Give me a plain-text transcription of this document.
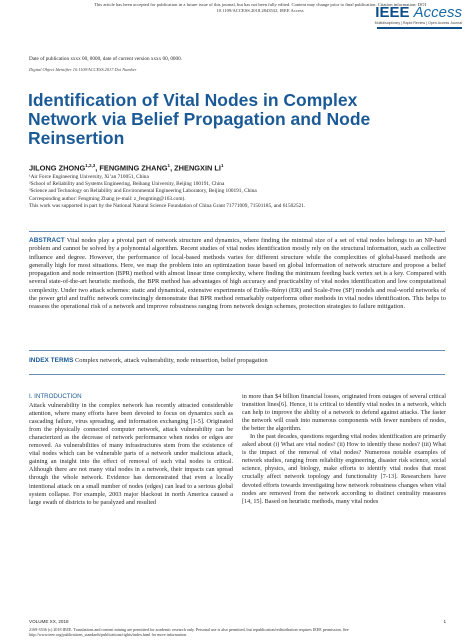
This article has been accepted for publication in a future issue of this journal, but has not been fully edited. Content may change prior to final publication. Citation information: DOI
10.1109/ACCESS.2018.2843532, IEEE Access	IEEE Access
Multidisciplinary | Rapid Review | Open Access Journal
Date of publication xxxx 00, 0000, date of current version xxxx 00, 0000.
Digital Object Identifier 10.1109/ACCESS.2017.Doi Number
Identification of Vital Nodes in Complex
Network via Belief Propagation and Node
Reinsertion
JILONG ZHONG$^{1,2,3}$, FENGMING ZHANG$^1$, ZHENGXIN $LI^1$
¹Air Force Engineering University, Xi’an 710051, China
²School of Reliability and Systems Engineering, Beihang University, Beijing 100191, China
³Science and Technology on Reliability and Environmental Engineering Laboratory, Beijing 100191, China
Corresponding author: Fengming Zhang (e-mail: z_fengming@163.com).
This work was supported in part by the National Natural Science Foundation of China Grant 71771009, 71501185, and 61502521.
ABSTRACT Vital nodes play a pivotal part of network structure and dynamics, where finding the minimal size of a set of vital nodes belongs to an NP-hard problem and cannot be solved by a polynomial algorithm. Recent studies of vital nodes identification mostly rely on the structural information, such as collective influence and degree. However, the performance of local-based methods varies for different structure while the complexities of global-based methods are generally high for most situations. Here, we map the problem into an optimization issue based on global information of network structure and propose a belief propagation and node reinsertion (BPR) method with almost linear time complexity, where finding the minimum feeding back vertex set is a key. Compared with several state-of-the-art heuristic methods, the BPR method has advantages of high accuracy and practicability of vital nodes identification and low computational complexity. Under two attack schemes: static and dynamical, extensive experiments of Erdős–Rényi (ER) and Scale-Free (SF) models and real-world networks of the power grid and traffic network convincingly demonstrate that BPR method remarkably outperforms other methods in vital nodes identification. This helps to reassess the operational risk of a network and improve robustness ranging from network design schemes, protection strategies to failure mitigation.
INDEX TERMS Complex network, attack vulnerability, node reinsertion, belief propagation
I. INTRODUCTION
Attack vulnerability in the complex network has recently attracted considerable attention, where many efforts have been devoted to focus on dynamics such as cascading failure, virus spreading, and information exchanging [1-5]. Originated from the physically connected computer network, attack vulnerability can be characterized as the decrease of network performance when nodes or edges are removed. As vulnerabilities of many infrastructures stem from the existence of vital nodes which can be vulnerable parts of a network under malicious attack, gaining an insight into the effect of removal of such vital nodes is critical. Although there are not many vital nodes in a network, their impacts can spread through the whole network. Evidence has demonstrated that even a locally intentional attack on a small number of nodes (edges) can lead to a serious global system collapse. For example, 2003 major blackout in north America caused a large swath of districts to be paralyzed and resulted
in more than $4 billion financial losses, originated from outages of several critical transition lines[6]. Hence, it is critical to identify vital nodes in a network, which can help to improve the ability of a network to defend against attacks. The faster the network will crash into numerous components with fewer numbers of nodes, the better the algorithm.
In the past decades, questions regarding vital nodes identification are primarily asked about (i) What are vital nodes? (ii) How to identify these nodes? (iii) What is the impact of the removal of vital nodes? Numerous notable examples of network studies, ranging from reliability engineering, disaster risk science, social science, physics, and biology, make efforts to identify vital nodes that most crucially affect network topology and functionality [7-13]. Researchers have devoted efforts towards investigating how network robustness changes when vital nodes are removed from the network according to distinct centrality measures [14, 15]. Based on heuristic methods, many vital nodes
VOLUME XX, 2018	1
2169-3536 (c) 2018 IEEE. Translations and content mining are permitted for academic research only. Personal use is also permitted, but republication/redistribution requires IEEE permission. See
http://www.ieee.org/publications_standards/publications/rights/index.html for more information.
